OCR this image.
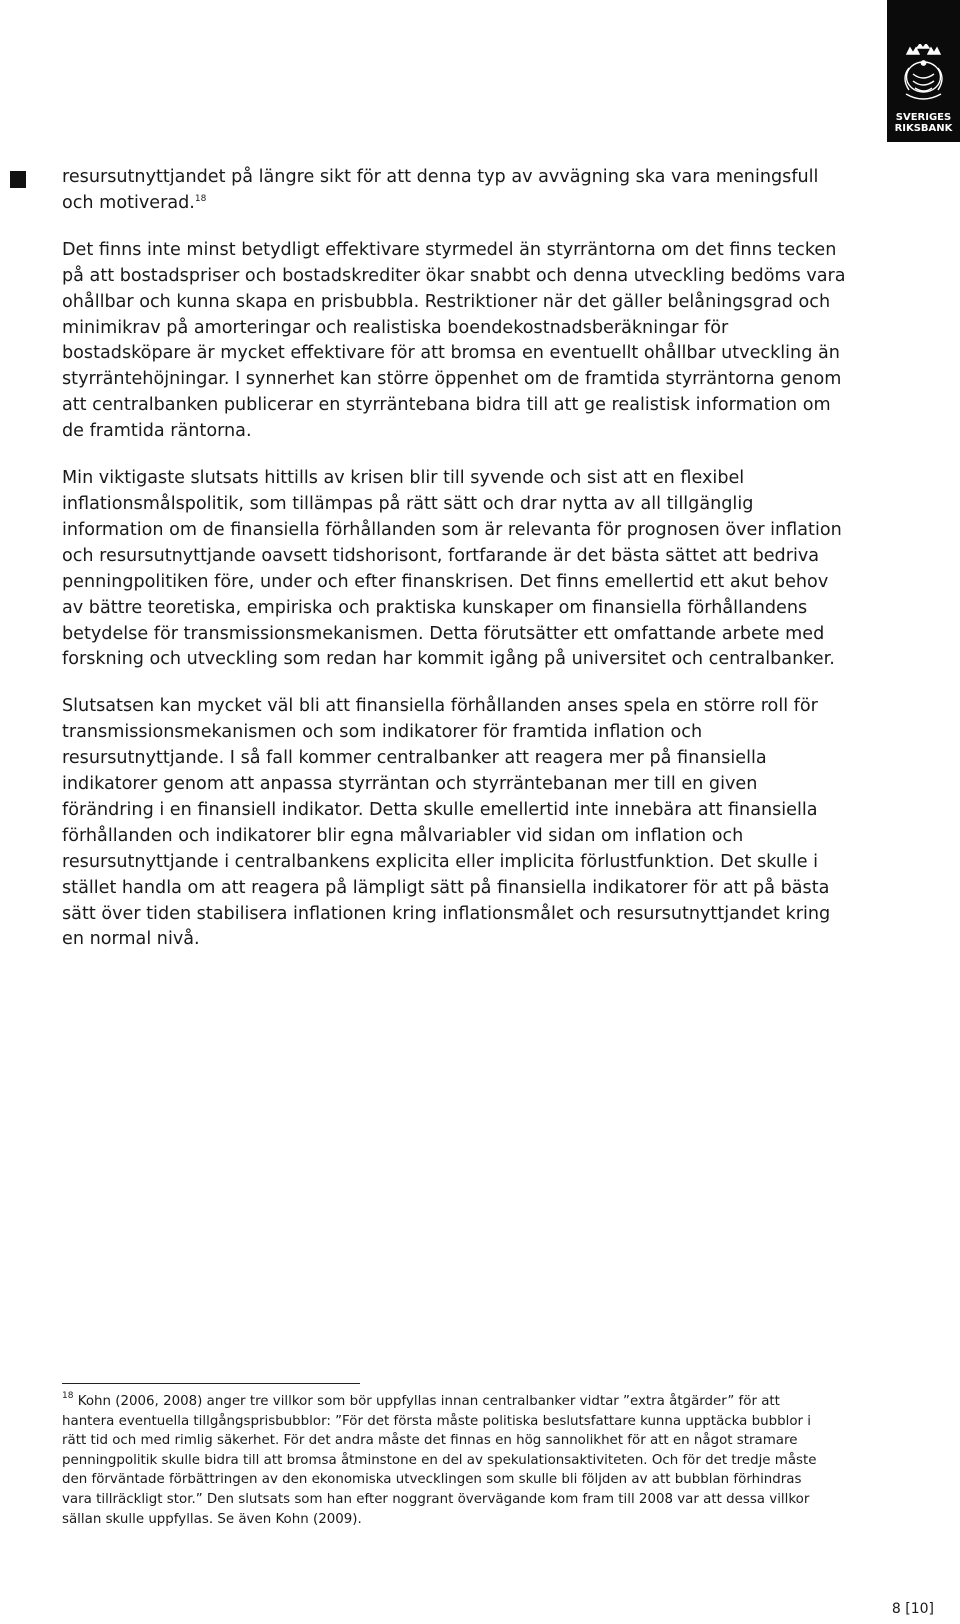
SVERIGES
RIKSBANK

resursutnyttjandet på längre sikt för att denna typ av avvägning ska vara meningsfull och motiverad.$^{18}$

Det finns inte minst betydligt effektivare styrmedel än styrräntorna om det finns tecken på att bostadspriser och bostadskrediter ökar snabbt och denna utveckling bedöms vara ohållbar och kunna skapa en prisbubbla. Restriktioner när det gäller belåningsgrad och minimikrav på amorteringar och realistiska boendekostnadsberäkningar för bostadsköpare är mycket effektivare för att bromsa en eventuellt ohållbar utveckling än styrräntehöjningar. I synnerhet kan större öppenhet om de framtida styrräntorna genom att centralbanken publicerar en styrräntebana bidra till att ge realistisk information om de framtida räntorna.

Min viktigaste slutsats hittills av krisen blir till syvende och sist att en flexibel inflationsmålspolitik, som tillämpas på rätt sätt och drar nytta av all tillgänglig information om de finansiella förhållanden som är relevanta för prognosen över inflation och resursutnyttjande oavsett tidshorisont, fortfarande är det bästa sättet att bedriva penningpolitiken före, under och efter finanskrisen. Det finns emellertid ett akut behov av bättre teoretiska, empiriska och praktiska kunskaper om finansiella förhållandens betydelse för transmissionsmekanismen. Detta förutsätter ett omfattande arbete med forskning och utveckling som redan har kommit igång på universitet och centralbanker.

Slutsatsen kan mycket väl bli att finansiella förhållanden anses spela en större roll för transmissionsmekanismen och som indikatorer för framtida inflation och resursutnyttjande. I så fall kommer centralbanker att reagera mer på finansiella indikatorer genom att anpassa styrräntan och styrräntebanan mer till en given förändring i en finansiell indikator. Detta skulle emellertid inte innebära att finansiella förhållanden och indikatorer blir egna målvariabler vid sidan om inflation och resursutnyttjande i centralbankens explicita eller implicita förlustfunktion. Det skulle i stället handla om att reagera på lämpligt sätt på finansiella indikatorer för att på bästa sätt över tiden stabilisera inflationen kring inflationsmålet och resursutnyttjandet kring en normal nivå.

$^{18}$ Kohn (2006, 2008) anger tre villkor som bör uppfyllas innan centralbanker vidtar ”extra åtgärder” för att hantera eventuella tillgångsprisbubblor: ”För det första måste politiska beslutsfattare kunna upptäcka bubblor i rätt tid och med rimlig säkerhet. För det andra måste det finnas en hög sannolikhet för att en något stramare penningpolitik skulle bidra till att bromsa åtminstone en del av spekulationsaktiviteten. Och för det tredje måste den förväntade förbättringen av den ekonomiska utvecklingen som skulle bli följden av att bubblan förhindras vara tillräckligt stor.” Den slutsats som han efter noggrant övervägande kom fram till 2008 var att dessa villkor sällan skulle uppfyllas. Se även Kohn (2009).
8 [10]
